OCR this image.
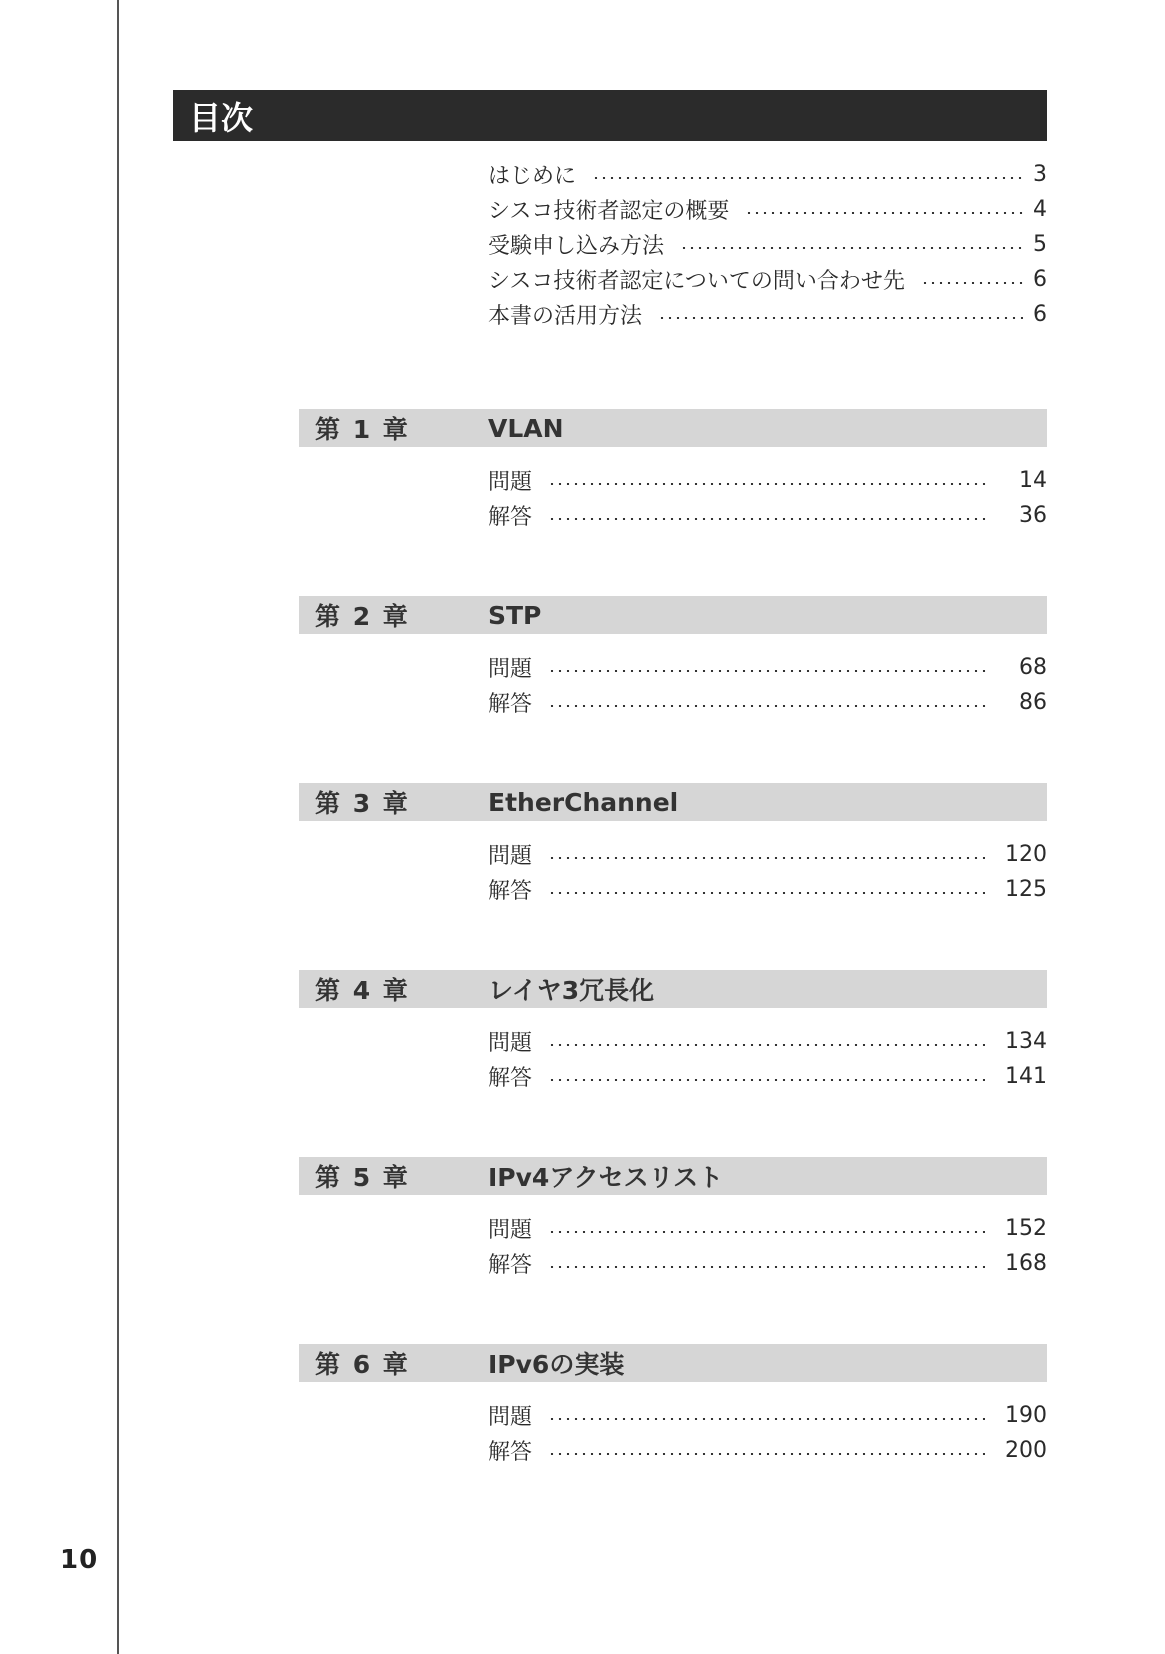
10
目次
はじめに	3
シスコ技術者認定の概要	4
受験申し込み方法	5
シスコ技術者認定についての問い合わせ先	6
本書の活用方法	6
第 1 章	VLAN
問題	14
解答	36
第 2 章	STP
問題	68
解答	86
第 3 章	EtherChannel
問題	120
解答	125
第 4 章	レイヤ3冗長化
問題	134
解答	141
第 5 章	IPv4アクセスリスト
問題	152
解答	168
第 6 章	IPv6の実装
問題	190
解答	200
